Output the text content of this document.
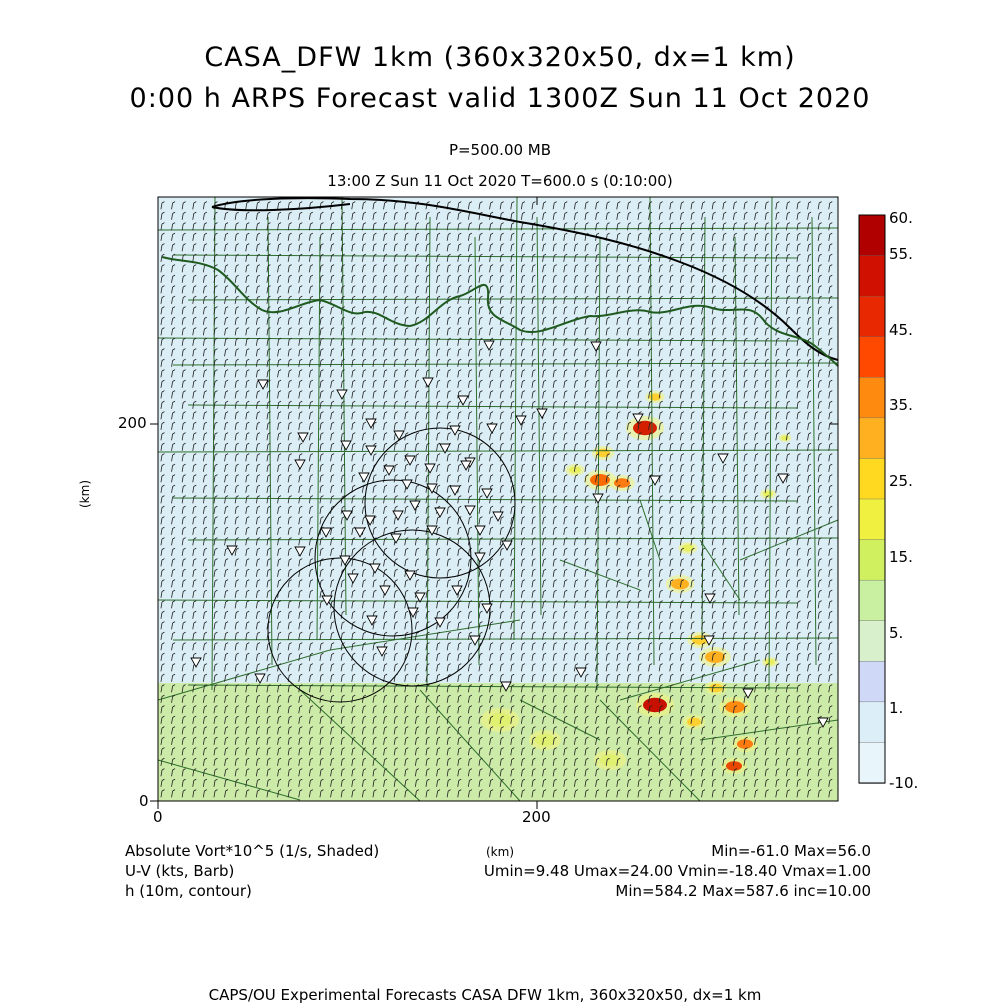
CASA_DFW 1km (360x320x50, dx=1 km)
0:00 h ARPS Forecast valid 1300Z Sun 11 Oct 2020
P=500.00 MB
13:00 Z Sun 11 Oct 2020 T=600.0 s (0:10:00)
200
0
0	200
(km)
60.
55.
45.
35.
25.
15.
5.
1.
-10.
Absolute Vort*10^5 (1/s, Shaded)
U-V (kts, Barb)
h (10m, contour)
(km)	Min=-61.0 Max=56.0
Umin=9.48 Umax=24.00 Vmin=-18.40 Vmax=1.00
Min=584.2 Max=587.6 inc=10.00
CAPS/OU Experimental Forecasts CASA DFW 1km, 360x320x50, dx=1 km
